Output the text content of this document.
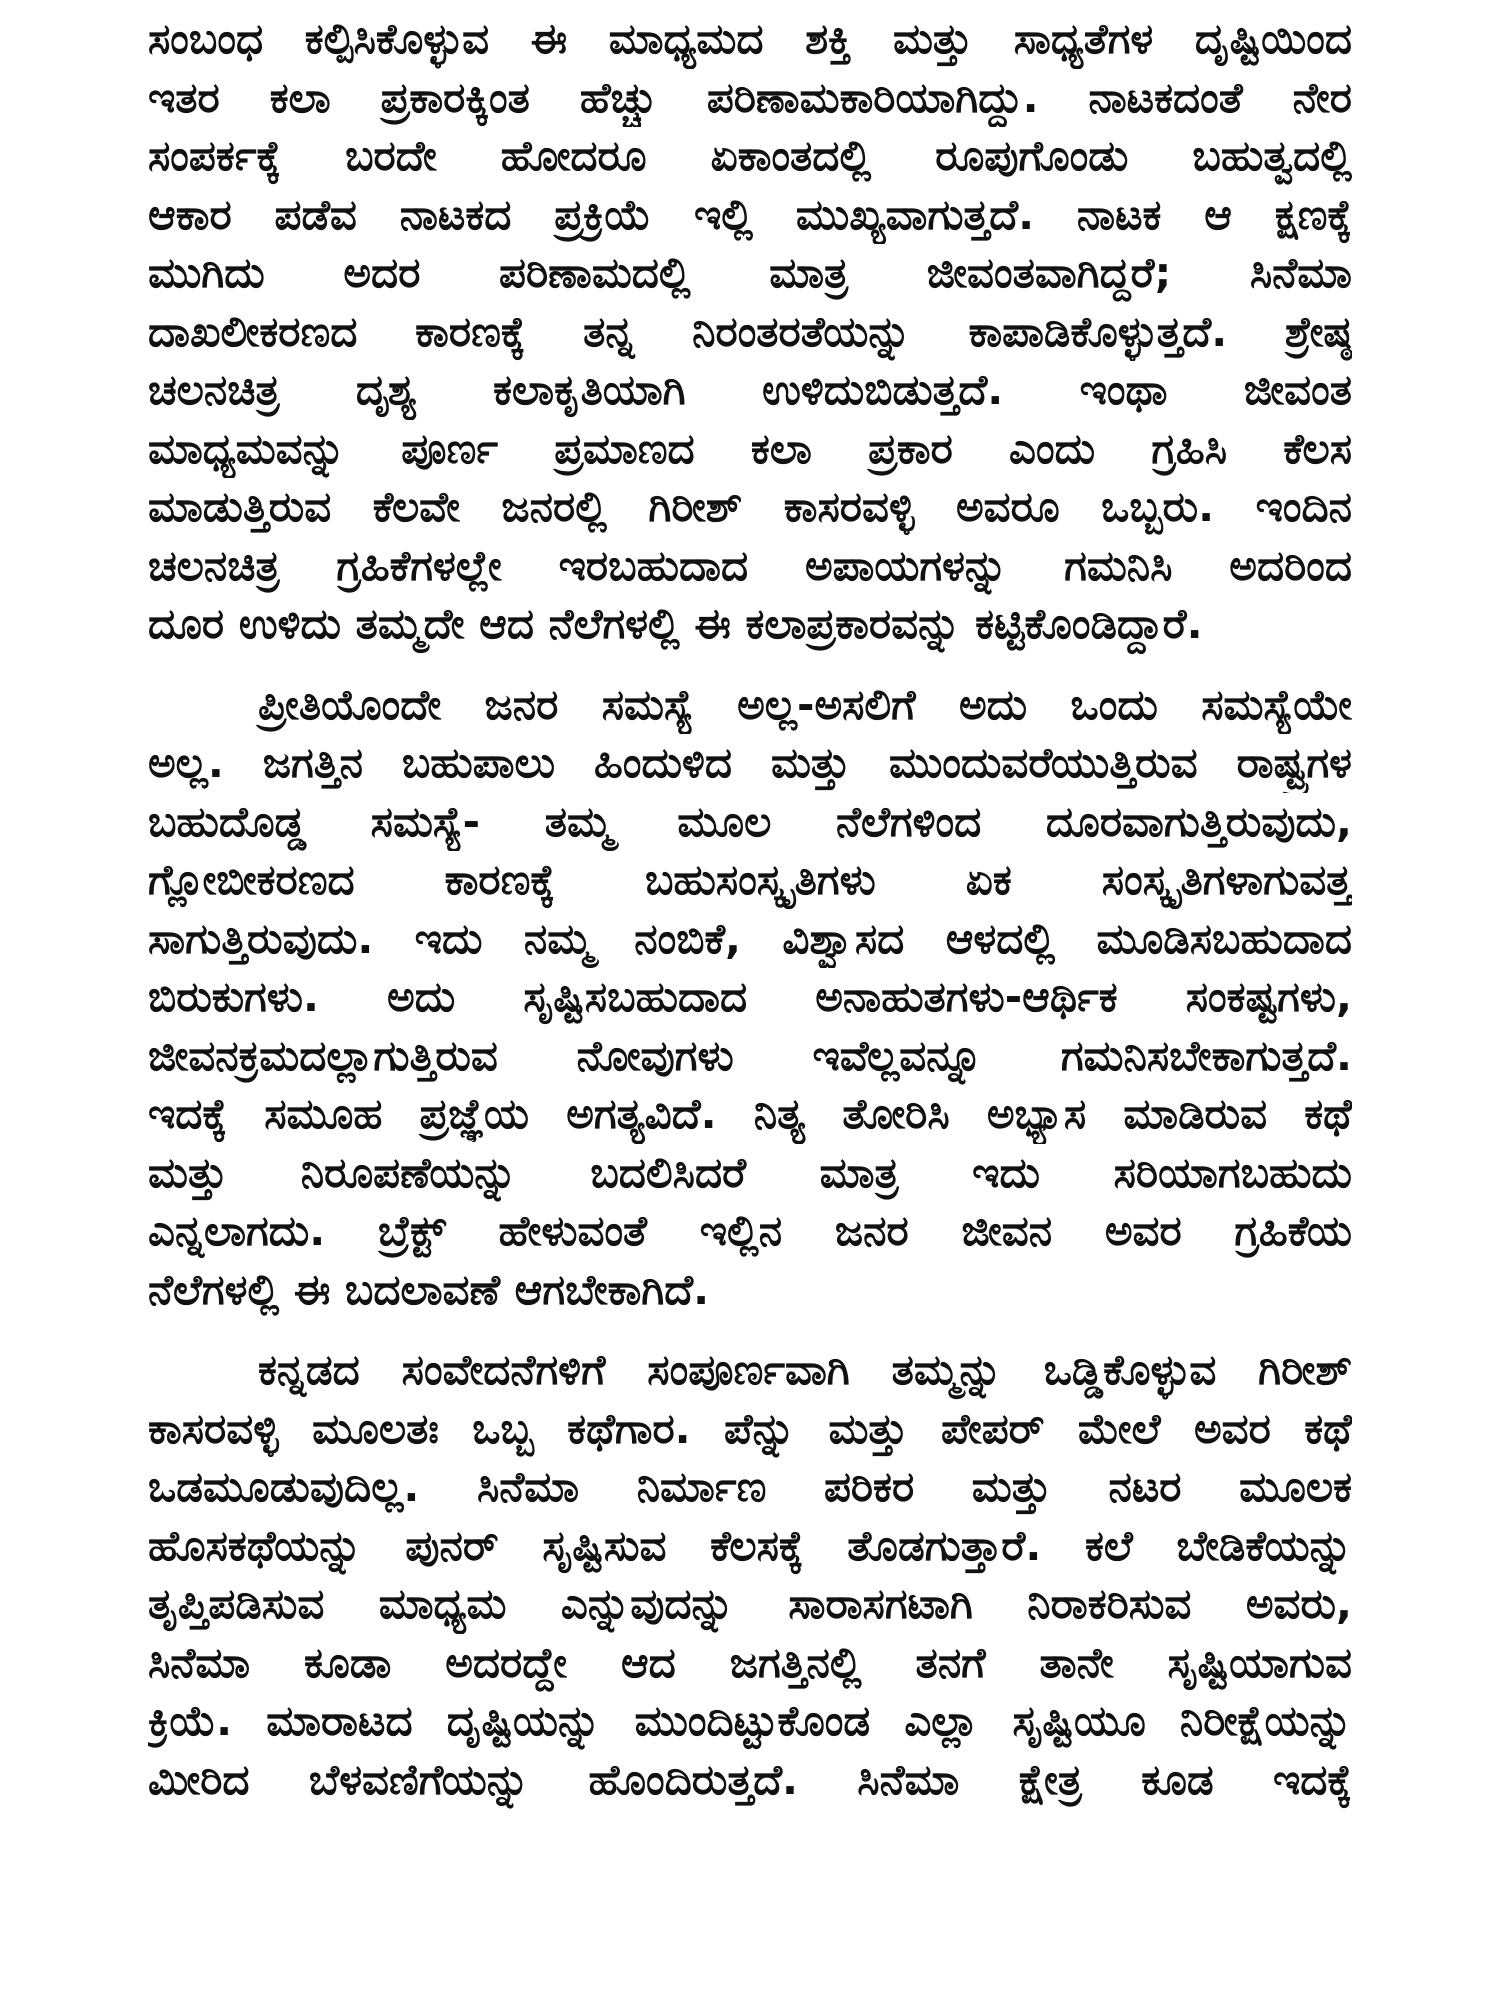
ಸಂಬಂಧ ಕಲ್ಪಿಸಿಕೊಳ್ಳುವ ಈ ಮಾಧ್ಯಮದ ಶಕ್ತಿ ಮತ್ತು ಸಾಧ್ಯತೆಗಳ ದೃಷ್ಟಿಯಿಂದ
ಇತರ ಕಲಾ ಪ್ರಕಾರಕ್ಕಿಂತ ಹೆಚ್ಚು ಪರಿಣಾಮಕಾರಿಯಾಗಿದ್ದು. ನಾಟಕದಂತೆ ನೇರ
ಸಂಪರ್ಕಕ್ಕೆ ಬರದೇ ಹೋದರೂ ಏಕಾಂತದಲ್ಲಿ ರೂಪುಗೊಂಡು ಬಹುತ್ವದಲ್ಲಿ
ಆಕಾರ ಪಡೆವ ನಾಟಕದ ಪ್ರಕ್ರಿಯೆ ಇಲ್ಲಿ ಮುಖ್ಯವಾಗುತ್ತದೆ. ನಾಟಕ ಆ ಕ್ಷಣಕ್ಕೆ
ಮುಗಿದು ಅದರ ಪರಿಣಾಮದಲ್ಲಿ ಮಾತ್ರ ಜೀವಂತವಾಗಿದ್ದರೆ; ಸಿನೆಮಾ
ದಾಖಲೀಕರಣದ ಕಾರಣಕ್ಕೆ ತನ್ನ ನಿರಂತರತೆಯನ್ನು ಕಾಪಾಡಿಕೊಳ್ಳುತ್ತದೆ. ಶ್ರೇಷ್ಠ
ಚಲನಚಿತ್ರ ದೃಶ್ಯ ಕಲಾಕೃತಿಯಾಗಿ ಉಳಿದುಬಿಡುತ್ತದೆ. ಇಂಥಾ ಜೀವಂತ
ಮಾಧ್ಯಮವನ್ನು ಪೂರ್ಣ ಪ್ರಮಾಣದ ಕಲಾ ಪ್ರಕಾರ ಎಂದು ಗ್ರಹಿಸಿ ಕೆಲಸ
ಮಾಡುತ್ತಿರುವ ಕೆಲವೇ ಜನರಲ್ಲಿ ಗಿರೀಶ್ ಕಾಸರವಳ್ಳಿ ಅವರೂ ಒಬ್ಬರು. ಇಂದಿನ
ಚಲನಚಿತ್ರ ಗ್ರಹಿಕೆಗಳಲ್ಲೇ ಇರಬಹುದಾದ ಅಪಾಯಗಳನ್ನು ಗಮನಿಸಿ ಅದರಿಂದ
ದೂರ ಉಳಿದು ತಮ್ಮದೇ ಆದ ನೆಲೆಗಳಲ್ಲಿ ಈ ಕಲಾಪ್ರಕಾರವನ್ನು ಕಟ್ಟಿಕೊಂಡಿದ್ದಾರೆ.
ಪ್ರೀತಿಯೊಂದೇ ಜನರ ಸಮಸ್ಯೆ ಅಲ್ಲ-ಅಸಲಿಗೆ ಅದು ಒಂದು ಸಮಸ್ಯೆಯೇ
ಅಲ್ಲ. ಜಗತ್ತಿನ ಬಹುಪಾಲು ಹಿಂದುಳಿದ ಮತ್ತು ಮುಂದುವರೆಯುತ್ತಿರುವ ರಾಷ್ಟ್ರಗಳ
ಬಹುದೊಡ್ಡ ಸಮಸ್ಯೆ- ತಮ್ಮ ಮೂಲ ನೆಲೆಗಳಿಂದ ದೂರವಾಗುತ್ತಿರುವುದು,
ಗ್ಲೋಬೀಕರಣದ ಕಾರಣಕ್ಕೆ ಬಹುಸಂಸ್ಕೃತಿಗಳು ಏಕ ಸಂಸ್ಕೃತಿಗಳಾಗುವತ್ತ
ಸಾಗುತ್ತಿರುವುದು. ಇದು ನಮ್ಮ ನಂಬಿಕೆ, ವಿಶ್ವಾಸದ ಆಳದಲ್ಲಿ ಮೂಡಿಸಬಹುದಾದ
ಬಿರುಕುಗಳು. ಅದು ಸೃಷ್ಟಿಸಬಹುದಾದ ಅನಾಹುತಗಳು-ಆರ್ಥಿಕ ಸಂಕಷ್ಟಗಳು,
ಜೀವನಕ್ರಮದಲ್ಲಾಗುತ್ತಿರುವ ನೋವುಗಳು ಇವೆಲ್ಲವನ್ನೂ ಗಮನಿಸಬೇಕಾಗುತ್ತದೆ.
ಇದಕ್ಕೆ ಸಮೂಹ ಪ್ರಜ್ಞೆಯ ಅಗತ್ಯವಿದೆ. ನಿತ್ಯ ತೋರಿಸಿ ಅಭ್ಯಾಸ ಮಾಡಿರುವ ಕಥೆ
ಮತ್ತು ನಿರೂಪಣೆಯನ್ನು ಬದಲಿಸಿದರೆ ಮಾತ್ರ ಇದು ಸರಿಯಾಗಬಹುದು
ಎನ್ನಲಾಗದು. ಬ್ರೆಕ್ಟ್ ಹೇಳುವಂತೆ ಇಲ್ಲಿನ ಜನರ ಜೀವನ ಅವರ ಗ್ರಹಿಕೆಯ
ನೆಲೆಗಳಲ್ಲಿ ಈ ಬದಲಾವಣೆ ಆಗಬೇಕಾಗಿದೆ.
ಕನ್ನಡದ ಸಂವೇದನೆಗಳಿಗೆ ಸಂಪೂರ್ಣವಾಗಿ ತಮ್ಮನ್ನು ಒಡ್ಡಿಕೊಳ್ಳುವ ಗಿರೀಶ್
ಕಾಸರವಳ್ಳಿ ಮೂಲತಃ ಒಬ್ಬ ಕಥೆಗಾರ. ಪೆನ್ನು ಮತ್ತು ಪೇಪರ್ ಮೇಲೆ ಅವರ ಕಥೆ
ಒಡಮೂಡುವುದಿಲ್ಲ. ಸಿನೆಮಾ ನಿರ್ಮಾಣ ಪರಿಕರ ಮತ್ತು ನಟರ ಮೂಲಕ
ಹೊಸಕಥೆಯನ್ನು ಪುನರ್ ಸೃಷ್ಟಿಸುವ ಕೆಲಸಕ್ಕೆ ತೊಡಗುತ್ತಾರೆ. ಕಲೆ ಬೇಡಿಕೆಯನ್ನು
ತೃಪ್ತಿಪಡಿಸುವ ಮಾಧ್ಯಮ ಎನ್ನುವುದನ್ನು ಸಾರಾಸಗಟಾಗಿ ನಿರಾಕರಿಸುವ ಅವರು,
ಸಿನೆಮಾ ಕೂಡಾ ಅದರದ್ದೇ ಆದ ಜಗತ್ತಿನಲ್ಲಿ ತನಗೆ ತಾನೇ ಸೃಷ್ಟಿಯಾಗುವ
ಕ್ರಿಯೆ. ಮಾರಾಟದ ದೃಷ್ಟಿಯನ್ನು ಮುಂದಿಟ್ಟುಕೊಂಡ ಎಲ್ಲಾ ಸೃಷ್ಟಿಯೂ ನಿರೀಕ್ಷೆಯನ್ನು
ಮೀರಿದ ಬೆಳವಣಿಗೆಯನ್ನು ಹೊಂದಿರುತ್ತದೆ. ಸಿನೆಮಾ ಕ್ಷೇತ್ರ ಕೂಡ ಇದಕ್ಕೆ
